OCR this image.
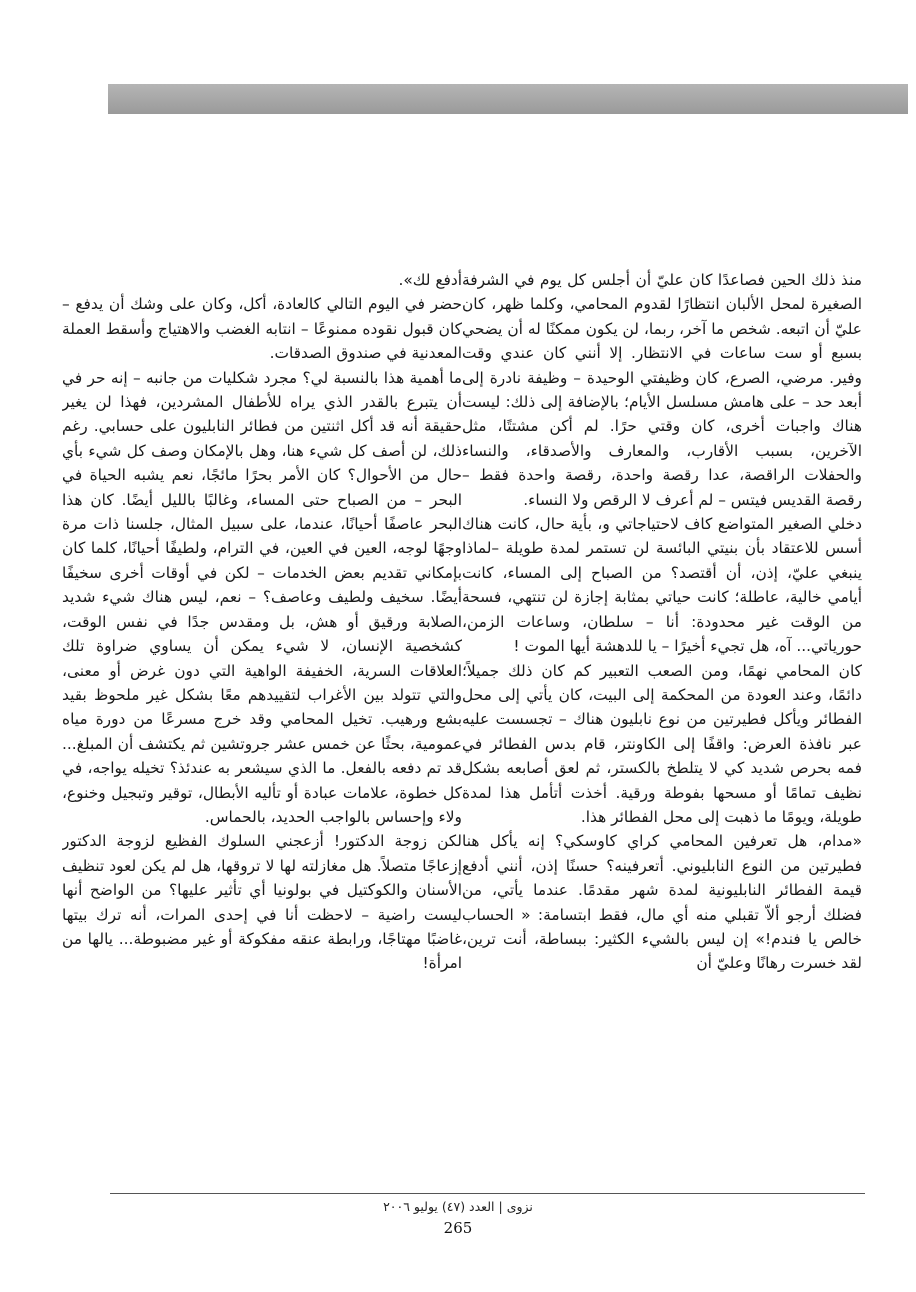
منذ ذلك الحين فصاعدًا كان عليّ أن أجلس كل يوم في الشرفة الصغيرة لمحل الألبان انتظارًا لقدوم المحامي، وكلما ظهر، كان عليّ أن اتبعه. شخص ما آخر، ربما، لن يكون ممكنًا له أن يضحي بسبع أو ست ساعات في الانتظار. إلا أنني كان عندي وقت وفير. مرضي، الصرع، كان وظيفتي الوحيدة – وظيفة نادرة إلى أبعد حد – على هامش مسلسل الأيام؛ بالإضافة إلى ذلك: ليست هناك واجبات أخرى، كان وقتي حرًا. لم أكن مشتتًا، مثل الآخرين، بسبب الأقارب، والمعارف والأصدقاء، والنساء والحفلات الراقصة، عدا رقصة واحدة، رقصة واحدة فقط – رقصة القديس فيتس – لم أعرف لا الرقص ولا النساء.

دخلي الصغير المتواضع كاف لاحتياجاتي و، بأية حال، كانت هناك أسس للاعتقاد بأن بنيتي البائسة لن تستمر لمدة طويلة –لماذا ينبغي عليّ، إذن، أن أقتصد؟ من الصباح إلى المساء، كانت أيامي خالية، عاطلة؛ كانت حياتي بمثابة إجازة لن تنتهي، فسحة من الوقت غير محدودة: أنا – سلطان، وساعات الزمن، حورياتي... آه، هل تجيء أخيرًا – يا للدهشة أيها الموت !

كان المحامي نهمًا، ومن الصعب التعبير كم كان ذلك جميلاً؛ دائمًا، وعند العودة من المحكمة إلى البيت، كان يأتي إلى محل الفطائر ويأكل فطيرتين من نوع نابليون هناك – تجسست عليه عبر نافذة العرض: واقفًا إلى الكاونتر، قام بدس الفطائر في فمه بحرص شديد كي لا يتلطخ بالكستر، ثم لعق أصابعه بشكل نظيف تمامًا أو مسحها بفوطة ورقية. أخذت أتأمل هذا لمدة طويلة، ويومًا ما ذهبت إلى محل الفطائر هذا.

«مدام، هل تعرفين المحامي كراي كاوسكي؟ إنه يأكل هنا فطيرتين من النوع النابليوني. أتعرفينه؟ حسنًا إذن، أنني أدفع قيمة الفطائر النابليونية لمدة شهر مقدمًا. عندما يأتي، من فضلك أرجو ألاّ تقبلي منه أي مال، فقط ابتسامة: « الحساب خالص يا فندم!» إن ليس بالشيء الكثير: ببساطة، أنت ترين، لقد خسرت رهانًا وعليّ أن

أدفع لك».

حضر في اليوم التالي كالعادة، أكل، وكان على وشك أن يدفع – كان قبول نقوده ممنوعًا – انتابه الغضب والاهتياج وأسقط العملة المعدنية في صندوق الصدقات.

ما أهمية هذا بالنسبة لي؟ مجرد شكليات من جانبه – إنه حر في أن يتبرع بالقدر الذي يراه للأطفال المشردين، فهذا لن يغير حقيقة أنه قد أكل اثنتين من فطائر النابليون على حسابي. رغم ذلك، لن أصف كل شيء هنا، وهل بالإمكان وصف كل شيء بأي حال من الأحوال؟ كان الأمر بحرًا مائجًا، نعم يشبه الحياة في البحر – من الصباح حتى المساء، وغالبًا بالليل أيضًا. كان هذا البحر عاصفًا أحيانًا، عندما، على سبيل المثال، جلسنا ذات مرة وجهًا لوجه، العين في العين، في الترام، ولطيفًا أحيانًا، كلما كان بإمكاني تقديم بعض الخدمات – لكن في أوقات أخرى سخيفًا أيضًا. سخيف ولطيف وعاصف؟ – نعم، ليس هناك شيء شديد الصلابة ورقيق أو هش، بل ومقدس جدًا في نفس الوقت، كشخصية الإنسان، لا شيء يمكن أن يساوي ضراوة تلك العلاقات السرية، الخفيفة الواهية التي دون غرض أو معنى، والتي تتولد بين الأغراب لتقييدهم معًا بشكل غير ملحوظ بقيد بشع ورهيب. تخيل المحامي وقد خرج مسرعًا من دورة مياه عمومية، بحثًا عن خمس عشر جروتشين ثم يكتشف أن المبلغ... قد تم دفعه بالفعل. ما الذي سيشعر به عندئذ؟ تخيله يواجه، في كل خطوة، علامات عبادة أو تأليه الأبطال، توقير وتبجيل وخنوع، ولاء وإحساس بالواجب الحديد، بالحماس.

لكن زوجة الدكتور! أزعجني السلوك الفظيع لزوجة الدكتور إزعاجًا متصلاً. هل مغازلته لها لا تروقها، هل لم يكن لعود تنظيف الأسنان والكوكتيل في بولونيا أي تأثير عليها؟ من الواضح أنها ليست راضية – لاحظت أنا في إحدى المرات، أنه ترك بيتها غاضبًا مهتاجًا، ورابطة عنقه مفكوكة أو غير مضبوطة... يالها من امرأة!

نزوى | العدد (٤٧) يوليو ٢٠٠٦
265
